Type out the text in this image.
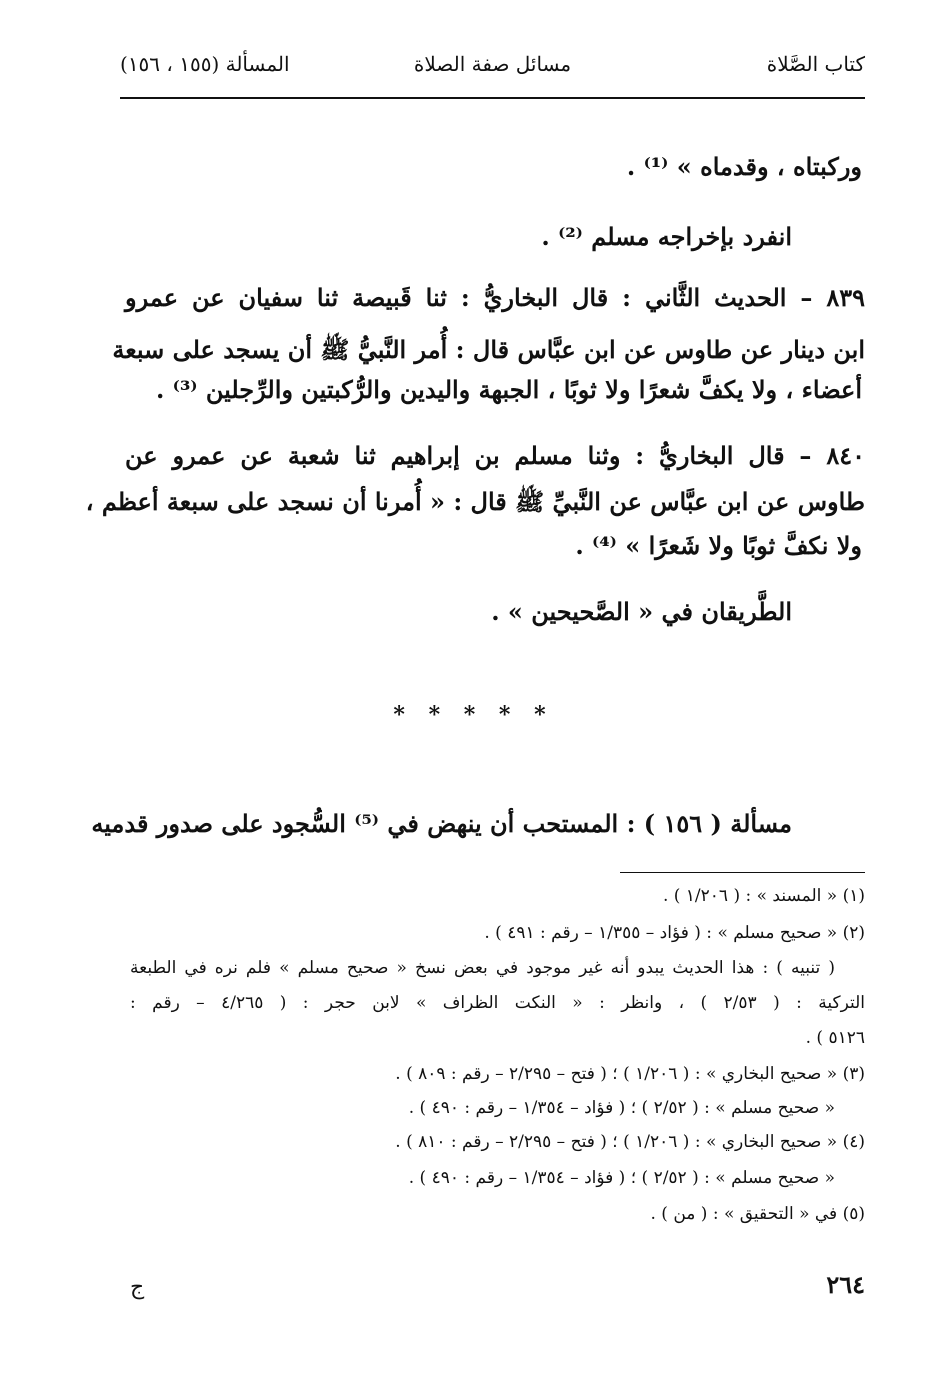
كتاب الصَّلاة
مسائل صفة الصلاة
المسألة (١٥٥ ، ١٥٦)
وركبتاه ، وقدماه » ⁽¹⁾ .
انفرد بإخراجه مسلم ⁽²⁾ .
٨٣٩ – الحديث الثَّاني : قال البخاريُّ : ثنا قَبيصة ثنا سفيان عن عمرو
ابن دينار عن طاوس عن ابن عبَّاس قال : أُمر النَّبيُّ ﷺ أن يسجد على سبعة
أعضاء ، ولا يكفَّ شعرًا ولا ثوبًا ، الجبهة واليدين والرُّكبتين والرِّجلين ⁽³⁾ .
٨٤٠ – قال البخاريُّ : وثنا مسلم بن إبراهيم ثنا شعبة عن عمرو عن
طاوس عن ابن عبَّاس عن النَّبيِّ ﷺ قال : « أُمرنا أن نسجد على سبعة أعظم ،
ولا نكفَّ ثوبًا ولا شَعرًا » ⁽⁴⁾ .
الطَّريقان في « الصَّحيحين » .
* * * * *
مسألة ( ١٥٦ ) : المستحب أن ينهض في ⁽⁵⁾ السُّجود على صدور قدميه
(١) « المسند » : ( ١/٢٠٦ ) .
(٢) « صحيح مسلم » : ( فؤاد – ١/٣٥٥ – رقم : ٤٩١ ) .
( تنبيه ) : هذا الحديث يبدو أنه غير موجود في بعض نسخ « صحيح مسلم » فلم نره في الطبعة
التركية : ( ٢/٥٣ ) ، وانظر : « النكت الظراف » لابن حجر : ( ٤/٢٦٥ – رقم :
٥١٢٦ ) .
(٣) « صحيح البخاري » : ( ١/٢٠٦ ) ؛ ( فتح – ٢/٢٩٥ – رقم : ٨٠٩ ) .
« صحيح مسلم » : ( ٢/٥٢ ) ؛ ( فؤاد – ١/٣٥٤ – رقم : ٤٩٠ ) .
(٤) « صحيح البخاري » : ( ١/٢٠٦ ) ؛ ( فتح – ٢/٢٩٥ – رقم : ٨١٠ ) .
« صحيح مسلم » : ( ٢/٥٢ ) ؛ ( فؤاد – ١/٣٥٤ – رقم : ٤٩٠ ) .
(٥) في « التحقيق » : ( من ) .
٢٦٤
ج
